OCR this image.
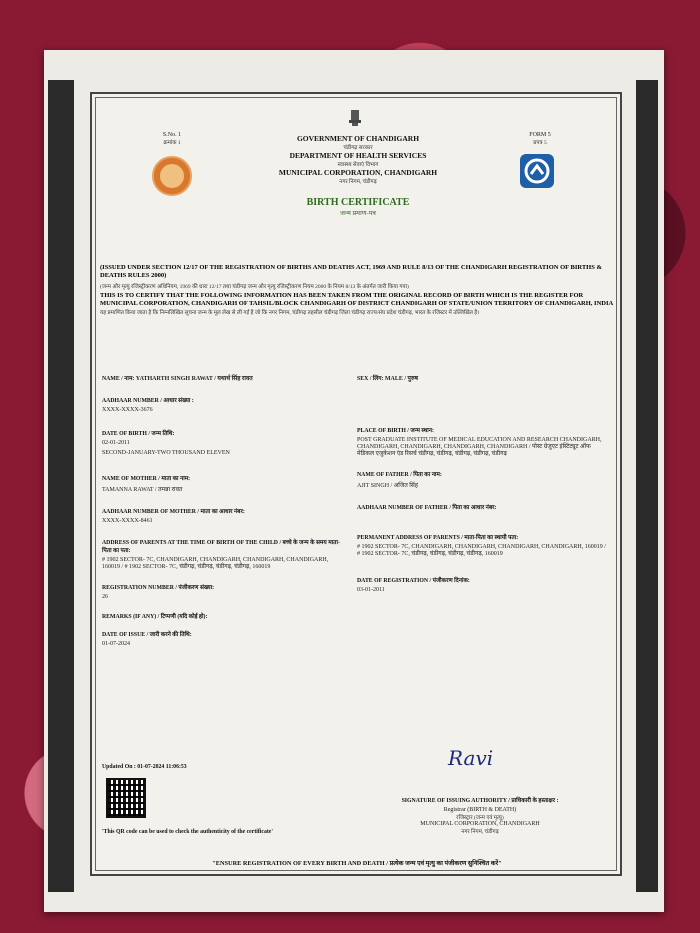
S.No. 1
क्रमांक 1
FORM 5
प्रपत्र 5
GOVERNMENT OF CHANDIGARH
चंडीगढ़ सरकार
DEPARTMENT OF HEALTH SERVICES
स्वास्थ्य सेवाएं विभाग
MUNICIPAL CORPORATION, CHANDIGARH
नगर निगम, चंडीगढ़
BIRTH CERTIFICATE
जन्म प्रमाण-पत्र
(ISSUED UNDER SECTION 12/17 OF THE REGISTRATION OF BIRTHS AND DEATHS ACT, 1969 AND RULE 8/13 OF THE CHANDIGARH REGISTRATION OF BIRTHS & DEATHS RULES 2000)
(जन्म और मृत्यु रजिस्ट्रीकरण अधिनियम, 1969 की धारा 12/17 तथा चंडीगढ़ जन्म और मृत्यु रजिस्ट्रीकरण नियम 2000 के नियम 8/13 के अंतर्गत जारी किया गया)
THIS IS TO CERTIFY THAT THE FOLLOWING INFORMATION HAS BEEN TAKEN FROM THE ORIGINAL RECORD OF BIRTH WHICH IS THE REGISTER FOR MUNICIPAL CORPORATION, CHANDIGARH OF TAHSIL/BLOCK CHANDIGARH OF DISTRICT CHANDIGARH OF STATE/UNION TERRITORY OF CHANDIGARH, INDIA
यह प्रमाणित किया जाता है कि निम्नलिखित सूचना जन्म के मूल लेख से ली गई है जो कि नगर निगम, चंडीगढ़ तहसील चंडीगढ़ जिला चंडीगढ़ राज्य/संघ प्रदेश चंडीगढ़, भारत के रजिस्टर में उल्लिखित है।
NAME / नाम: YATHARTH SINGH RAWAT / यथार्थ सिंह रावत
AADHAAR NUMBER / आधार संख्या :
XXXX-XXXX-3676
DATE OF BIRTH / जन्म तिथि:
02-01-2011
SECOND-JANUARY-TWO THOUSAND ELEVEN
NAME OF MOTHER / माता का नाम:
TAMANNA RAWAT / तमन्ना रावत
AADHAAR NUMBER OF MOTHER / माता का आधार नंबर:
XXXX-XXXX-8461
ADDRESS OF PARENTS AT THE TIME OF BIRTH OF THE CHILD / बच्चे के जन्म के समय माता-पिता का पता:
# 1902 SECTOR- 7C, CHANDIGARH, CHANDIGARH, CHANDIGARH, CHANDIGARH, 160019 / # 1902 SECTOR- 7C, चंडीगढ़, चंडीगढ़, चंडीगढ़, चंडीगढ़, 160019
REGISTRATION NUMBER / पंजीकरण संख्या:
26
REMARKS (IF ANY) / टिप्पणी (यदि कोई हो):
DATE OF ISSUE / जारी करने की तिथि:
01-07-2024
SEX / लिंग: MALE / पुरुष
PLACE OF BIRTH / जन्म स्थान:
POST GRADUATE INSTITUTE OF MEDICAL EDUCATION AND RESEARCH CHANDIGARH, CHANDIGARH, CHANDIGARH, CHANDIGARH, CHANDIGARH / पोस्ट ग्रेजुएट इंस्टिट्यूट ऑफ मेडिकल एजुकेशन एंड रिसर्च चंडीगढ़, चंडीगढ़, चंडीगढ़, चंडीगढ़, चंडीगढ़
NAME OF FATHER / पिता का नाम:
AJIT SINGH / अजित सिंह
AADHAAR NUMBER OF FATHER / पिता का आधार नंबर:
PERMANENT ADDRESS OF PARENTS / माता-पिता का स्थायी पता:
# 1902 SECTOR- 7C, CHANDIGARH, CHANDIGARH, CHANDIGARH, CHANDIGARH, 160019 / # 1902 SECTOR- 7C, चंडीगढ़, चंडीगढ़, चंडीगढ़, चंडीगढ़, 160019
DATE OF REGISTRATION / पंजीकरण दिनांक:
03-01-2011
Updated On : 01-07-2024 11:06:53
'This QR code can be used to check the authenticity of the certificate'
Ravi
SIGNATURE OF ISSUING AUTHORITY / प्राधिकारी के हस्ताक्षर :
Registrar (BIRTH & DEATH)
रजिस्ट्रार (जन्म एवं मृत्यु)
MUNICIPAL CORPORATION, CHANDIGARH
नगर निगम, चंडीगढ़
"ENSURE REGISTRATION OF EVERY BIRTH AND DEATH / प्रत्येक जन्म एवं मृत्यु का पंजीकरण सुनिश्चित करें"
